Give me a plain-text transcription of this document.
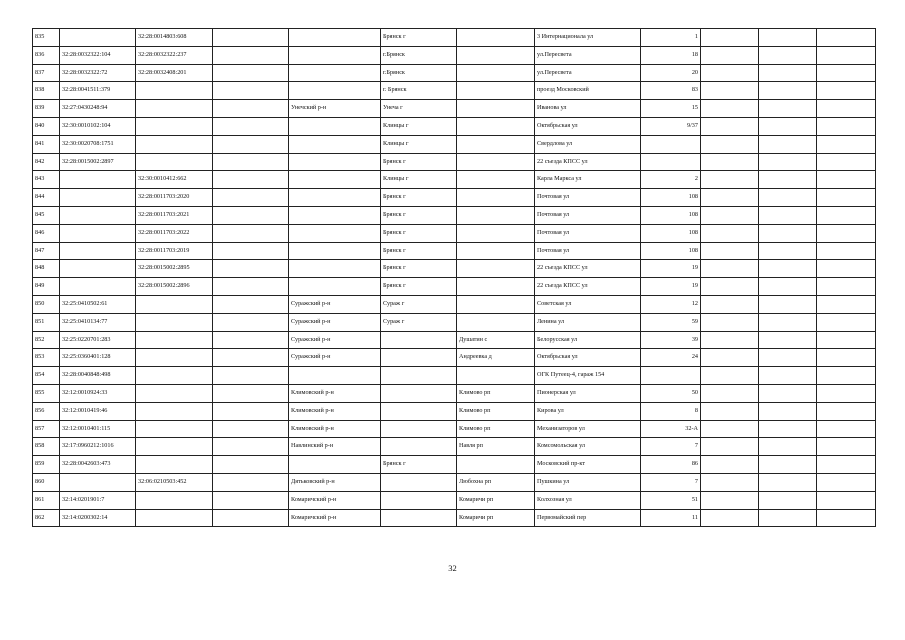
835		32:28:0014803:608			Брянск г		3 Интернационала ул	1			
836	32:28:0032322:104	32:28:0032322:237			г.Брянск		ул.Пересвета	18			
837	32:28:0032322:72	32:28:0032408:201			г.Брянск		ул.Пересвета	20			
838	32:28:0041511:379				г. Брянск		проезд Московский	83			
839	32:27:0430248:94			Унечский р-н	Унеча г		Иванова ул	15			
840	32:30:0010102:104				Клинцы г		Октябрьская ул	9/37			
841	32:30:0020708:1751				Клинцы г		Свердлова ул				
842	32:28:0015002:2897				Брянск г		22 съезда КПСС ул				
843		32:30:0010412:662			Клинцы г		Карла Маркса ул	2			
844		32:28:0011703:2020			Брянск г		Почтовая ул	108			
845		32:28:0011703:2021			Брянск г		Почтовая ул	108			
846		32:28:0011703:2022			Брянск г		Почтовая ул	108			
847		32:28:0011703:2019			Брянск г		Почтовая ул	108			
848		32:28:0015002:2895			Брянск г		22 съезда КПСС ул	19			
849		32:28:0015002:2896			Брянск г		22 съезда КПСС ул	19			
850	32:25:0410502:61			Суражский р-н	Сураж г		Советская ул	12			
851	32:25:0410134:77			Суражский р-н	Сураж г		Ленина ул	59			
852	32:25:0220701:283			Суражский р-н		Душатин с	Белорусская ул	39			
853	32:25:0360401:128			Суражский р-н		Андреевка д	Октябрьская ул	24			
854	32:28:0040848:498						ОГК Путеец-4, гараж 154				
855	32:12:0010924:33			Климовский р-н		Климово рп	Пионерская ул	50			
856	32:12:0010419:46			Климовский р-н		Климово рп	Кирова ул	8			
857	32:12:0010401:115			Климовский р-н		Климово рп	Механизаторов ул	32-А			
858	32:17:0960212:1016			Навлинский р-н		Навля рп	Комсомольская ул	7			
859	32:28:0042603:473				Брянск г		Московский пр-кт	86			
860		32:06:0210503:452		Дятьковский р-н		Любохна рп	Пушкина ул	7			
861	32:14:0201901:7			Комаричский р-н		Комаричи рп	Колхозная ул	51			
862	32:14:0200302:14			Комаричский р-н		Комаричи рп	Первомайский пер	11			
32
